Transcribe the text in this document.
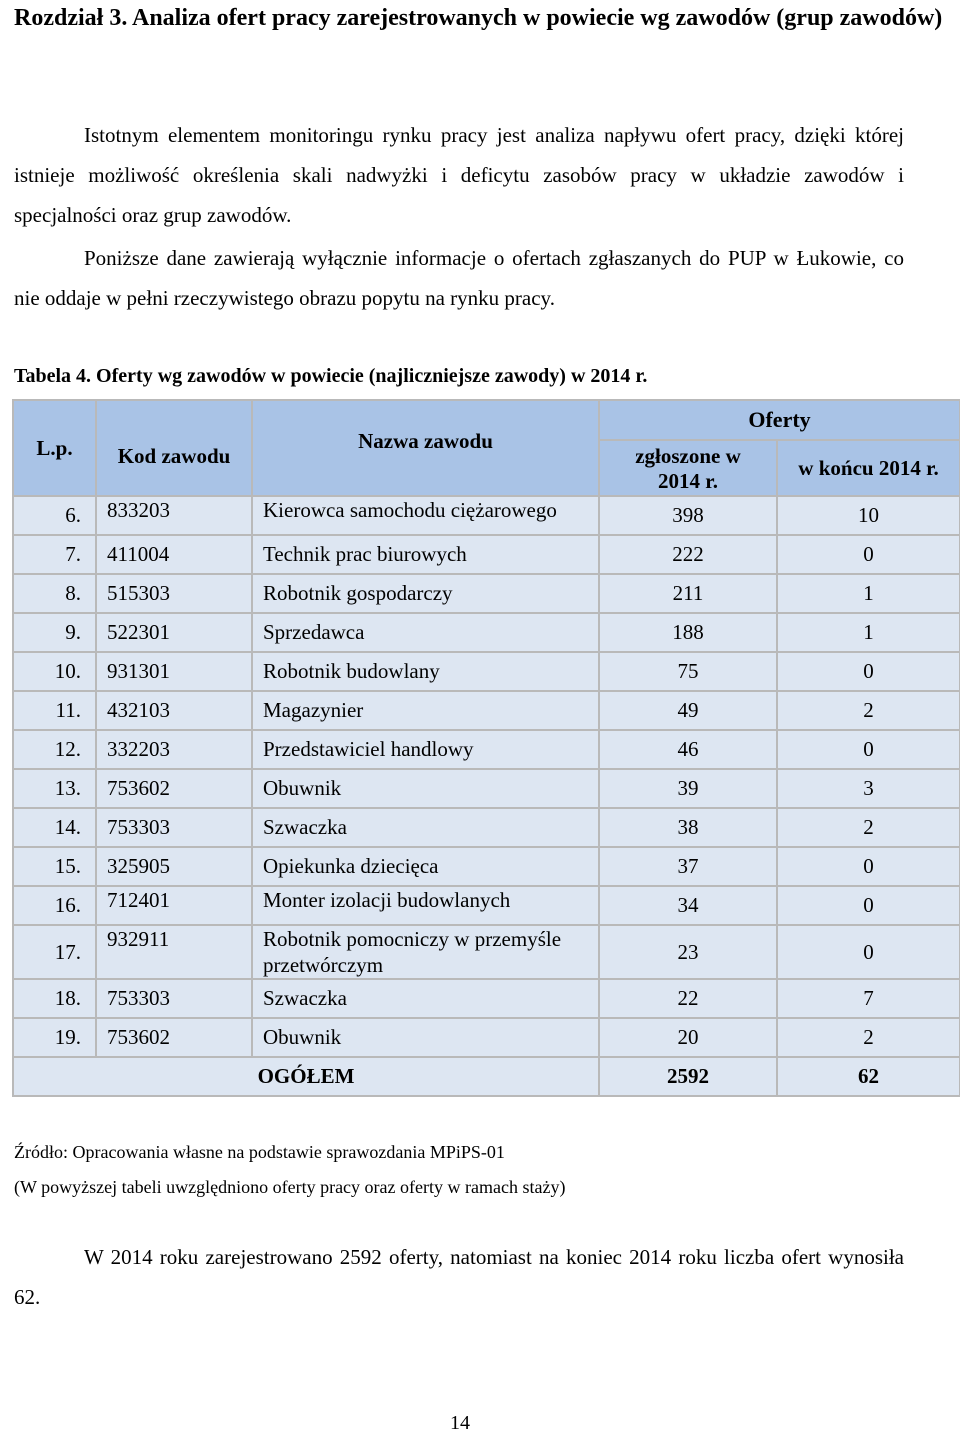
Rozdział 3. Analiza ofert pracy zarejestrowanych w powiecie wg zawodów (grup zawodów)

Istotnym elementem monitoringu rynku pracy jest analiza napływu ofert pracy, dzięki której istnieje możliwość określenia skali nadwyżki i deficytu zasobów pracy w układzie zawodów i specjalności oraz grup zawodów.

Poniższe dane zawierają wyłącznie informacje o ofertach zgłaszanych do PUP w Łukowie, co nie oddaje w pełni rzeczywistego obrazu popytu na rynku pracy.

Tabela 4. Oferty wg zawodów w powiecie (najliczniejsze zawody) w 2014 r.

L.p.	Kod zawodu	Nazwa zawodu	Oferty	
			zgłoszone w 2014 r.	w końcu 2014 r.
6.	833203	Kierowca samochodu ciężarowego	398	10
7.	411004	Technik prac biurowych	222	0
8.	515303	Robotnik gospodarczy	211	1
9.	522301	Sprzedawca	188	1
10.	931301	Robotnik budowlany	75	0
11.	432103	Magazynier	49	2
12.	332203	Przedstawiciel handlowy	46	0
13.	753602	Obuwnik	39	3
14.	753303	Szwaczka	38	2
15.	325905	Opiekunka dziecięca	37	0
16.	712401	Monter izolacji budowlanych	34	0
17.	932911	Robotnik pomocniczy w przemyśle przetwórczym	23	0
18.	753303	Szwaczka	22	7
19.	753602	Obuwnik	20	2
OGÓŁEM			2592	62

Źródło: Opracowania własne na podstawie sprawozdania MPiPS-01

(W powyższej tabeli uwzględniono oferty pracy oraz oferty w ramach staży)

W 2014 roku zarejestrowano 2592 oferty, natomiast na koniec 2014 roku liczba ofert wynosiła 62.

14
